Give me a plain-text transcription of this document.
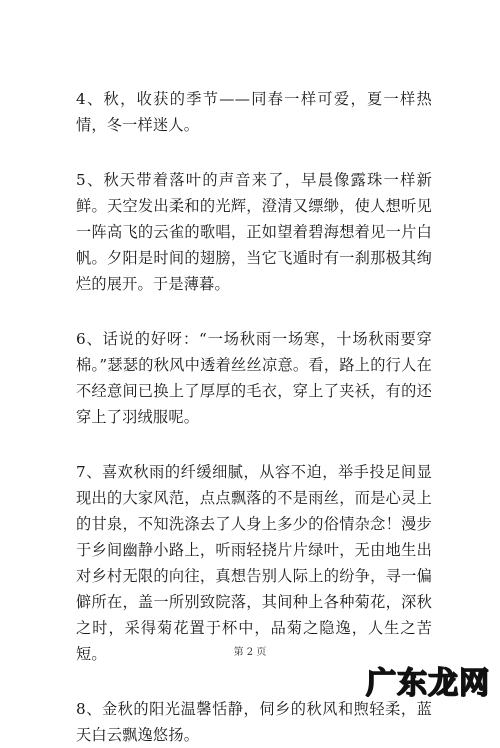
4、秋，收获的季节——同春一样可爱，夏一样热情，冬一样迷人。

5、秋天带着落叶的声音来了，早晨像露珠一样新鲜。天空发出柔和的光辉，澄清又缥缈，使人想听见一阵高飞的云雀的歌唱，正如望着碧海想着见一片白帆。夕阳是时间的翅膀，当它飞遁时有一刹那极其绚烂的展开。于是薄暮。

6、话说的好呀：“一场秋雨一场寒，十场秋雨要穿棉。”瑟瑟的秋风中透着丝丝凉意。看，路上的行人在不经意间已换上了厚厚的毛衣，穿上了夹袄，有的还穿上了羽绒服呢。

7、喜欢秋雨的纤缓细腻，从容不迫，举手投足间显现出的大家风范，点点飘落的不是雨丝，而是心灵上的甘泉，不知洗涤去了人身上多少的俗情杂念！漫步于乡间幽静小路上，听雨轻挠片片绿叶，无由地生出对乡村无限的向往，真想告别人际上的纷争，寻一偏僻所在，盖一所别致院落，其间种上各种菊花，深秋之时，采得菊花置于杯中，品菊之隐逸，人生之苦短。

8、金秋的阳光温馨恬静，伺乡的秋风和煦轻柔，蓝天白云飘逸悠扬。

第 2 页
广东龙网
